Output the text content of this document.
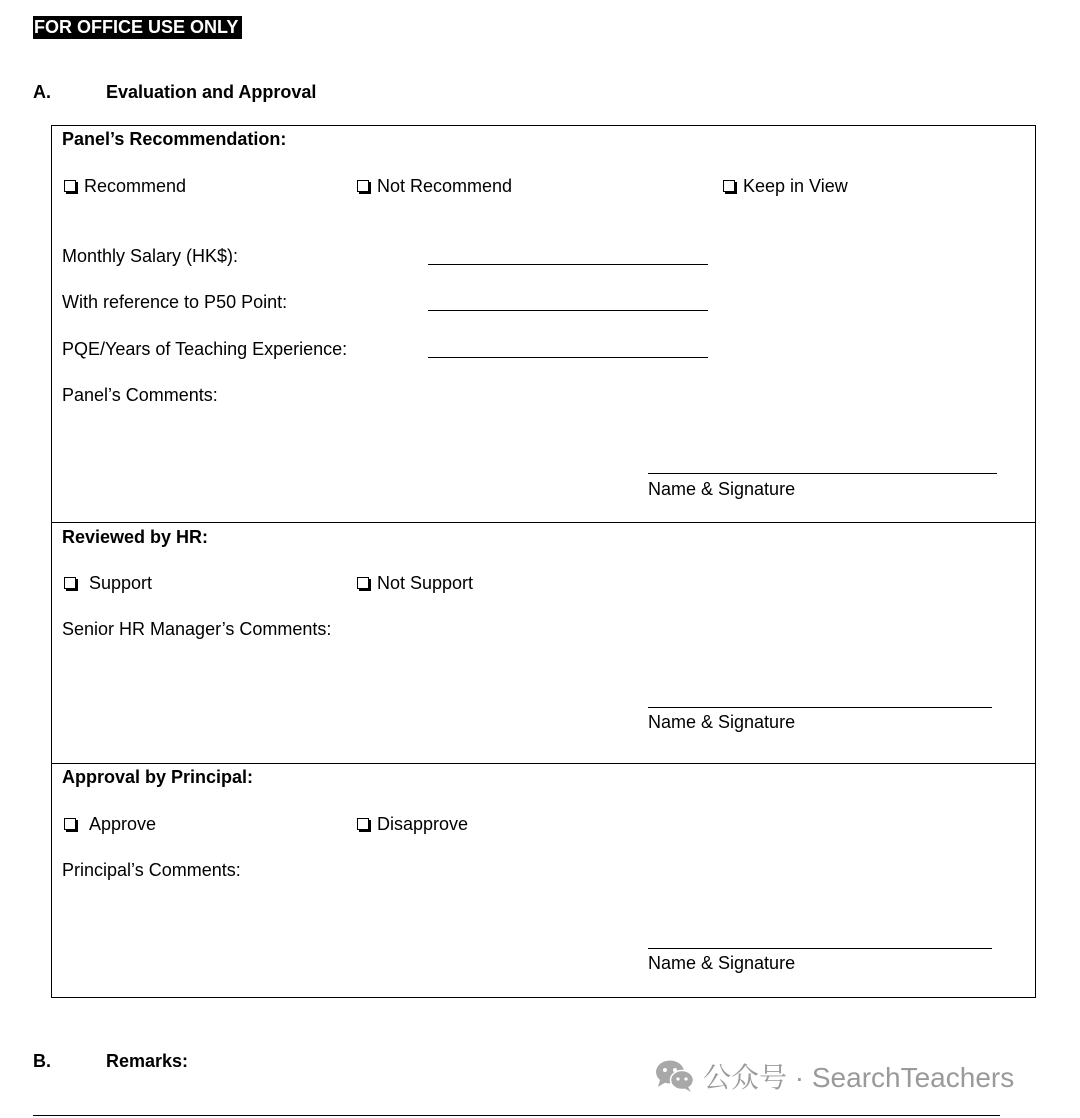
FOR OFFICE USE ONLY
A.	Evaluation and Approval
Panel’s Recommendation:
Recommend	Not Recommend	Keep in View
Monthly Salary (HK$):
With reference to P50 Point:
PQE/Years of Teaching Experience:
Panel’s Comments:
Name & Signature
Reviewed by HR:
Support	Not Support
Senior HR Manager’s Comments:
Name & Signature
Approval by Principal:
Approve	Disapprove
Principal’s Comments:
Name & Signature
B.	Remarks:
公众号 · SearchTeachers
